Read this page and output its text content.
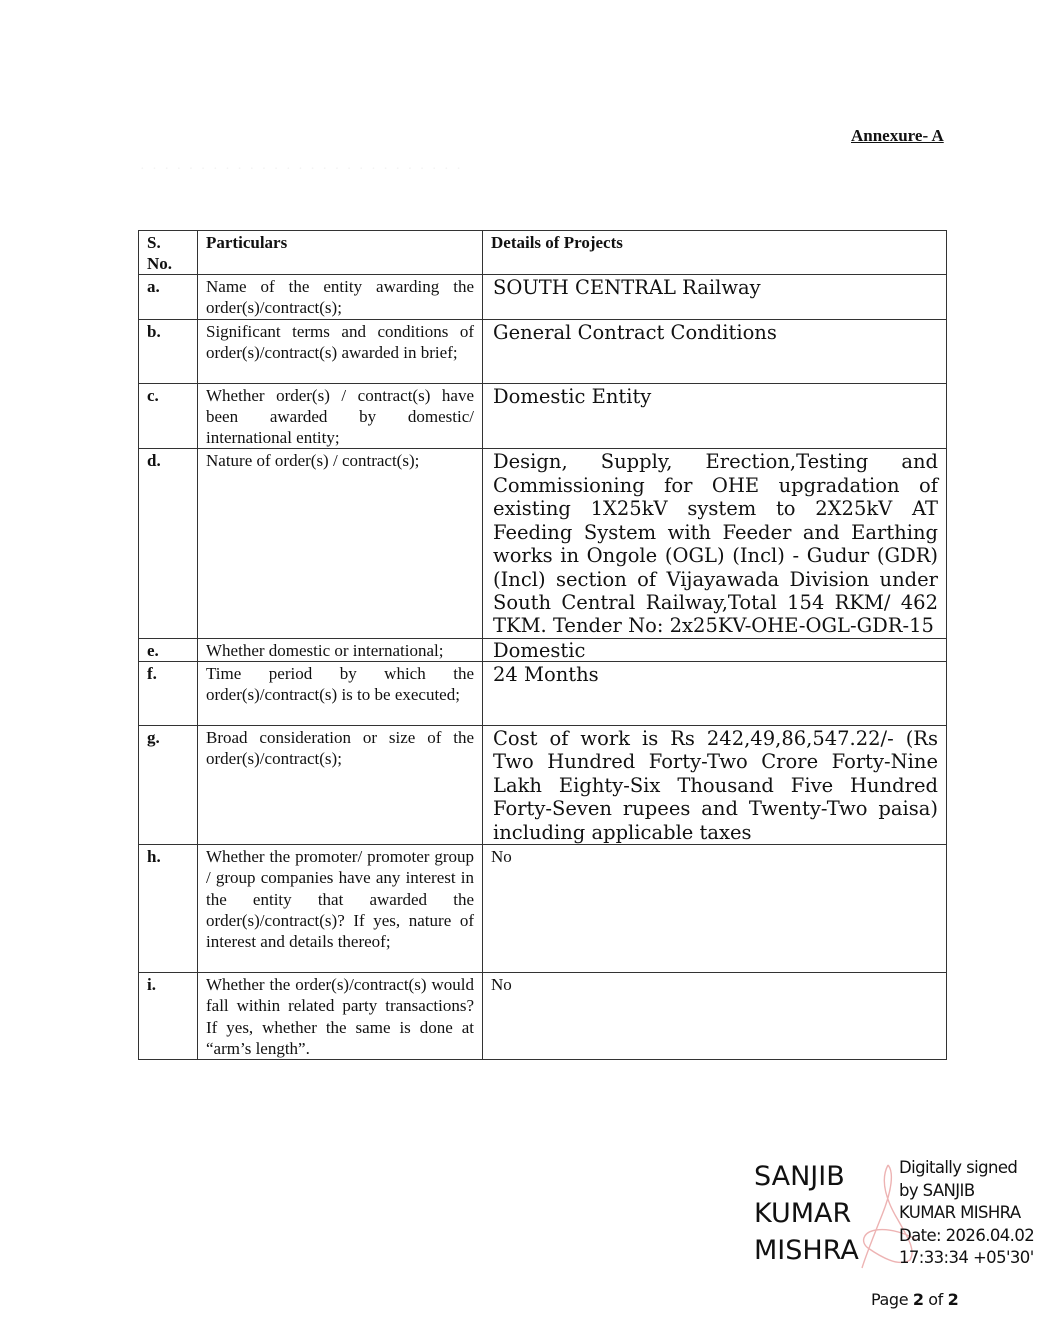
Annexure- A
· · · · · · · · · · · · · · · · · · · · · · · · · · ·
S. No.	Particulars	Details of Projects

a.	Name of the entity awarding the order(s)/contract(s);	SOUTH CENTRAL Railway

b.	Significant terms and conditions of order(s)/contract(s) awarded in brief;	General Contract Conditions

c.	Whether order(s) / contract(s) have been awarded by domestic/ international entity;	Domestic Entity

d.	Nature of order(s) / contract(s);	Design, Supply, Erection,Testing and Commissioning for OHE upgradation of existing 1X25kV system to 2X25kV AT Feeding System with Feeder and Earthing works in Ongole (OGL) (Incl) - Gudur (GDR) (Incl) section of Vijayawada Division under South Central Railway,Total 154 RKM/ 462 TKM. Tender No: 2x25KV-OHE-OGL-GDR-15

e.	Whether domestic or international;	Domestic

f.	Time period by which the order(s)/contract(s) is to be executed;	24 Months

g.	Broad consideration or size of the order(s)/contract(s);	Cost of work is Rs 242,49,86,547.22/- (Rs Two Hundred Forty-Two Crore Forty-Nine Lakh Eighty-Six Thousand Five Hundred Forty-Seven rupees and Twenty-Two paisa) including applicable taxes

h.	Whether the promoter/ promoter group / group companies have any interest in the entity that awarded the order(s)/contract(s)? If yes, nature of interest and details thereof;	No

i.	Whether the order(s)/contract(s) would fall within related party transactions? If yes, whether the same is done at “arm’s length”.	No
SANJIB
KUMAR
MISHRA
Digitally signed
by SANJIB
KUMAR MISHRA
Date: 2026.04.02
17:33:34 +05'30'
Page 2 of 2
